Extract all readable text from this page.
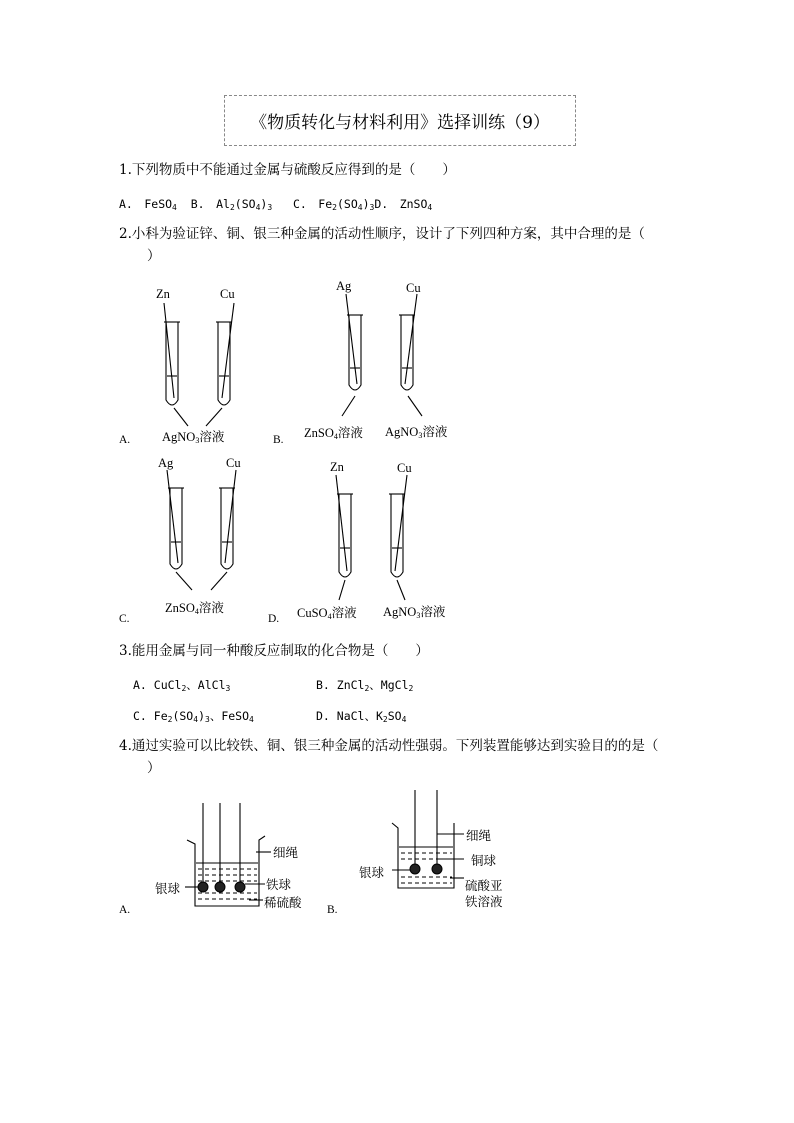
《物质转化与材料利用》选择训练（9）
1.下列物质中不能通过金属与硫酸反应得到的是（　　）
A.　FeSO$_4$ B.　$Al_2(SO_4)_3$ C.　$Fe_2(SO_4)_3D$.　ZnSO$_4$
2.小科为验证锌、铜、银三种金属的活动性顺序，设计了下列四种方案，其中合理的是（
）
Zn	Cu
AgNO$_3$溶液
A.
Ag	Cu
ZnSO$_4$溶液 AgNO$_3$溶液
B.
Ag	Cu
ZnSO$_4$溶液
C.
Zn	Cu
CuSO$_4$溶液 AgNO$_3$溶液
D.
3.能用金属与同一种酸反应制取的化合物是（　　）
A. CuCl$_2$、AlCl$_3$	B. ZnCl$_2$、MgCl$_2$
C. $Fe_2(SO_4)_3$、FeSO$_4$	D. NaCl、$K_2SO_4$
4.通过实验可以比较铁、铜、银三种金属的活动性强弱。下列装置能够达到实验目的的是（
）
细绳
银球	铁球
稀硫酸
A.
细绳
铜球
银球
硫酸亚
铁溶液
B.
